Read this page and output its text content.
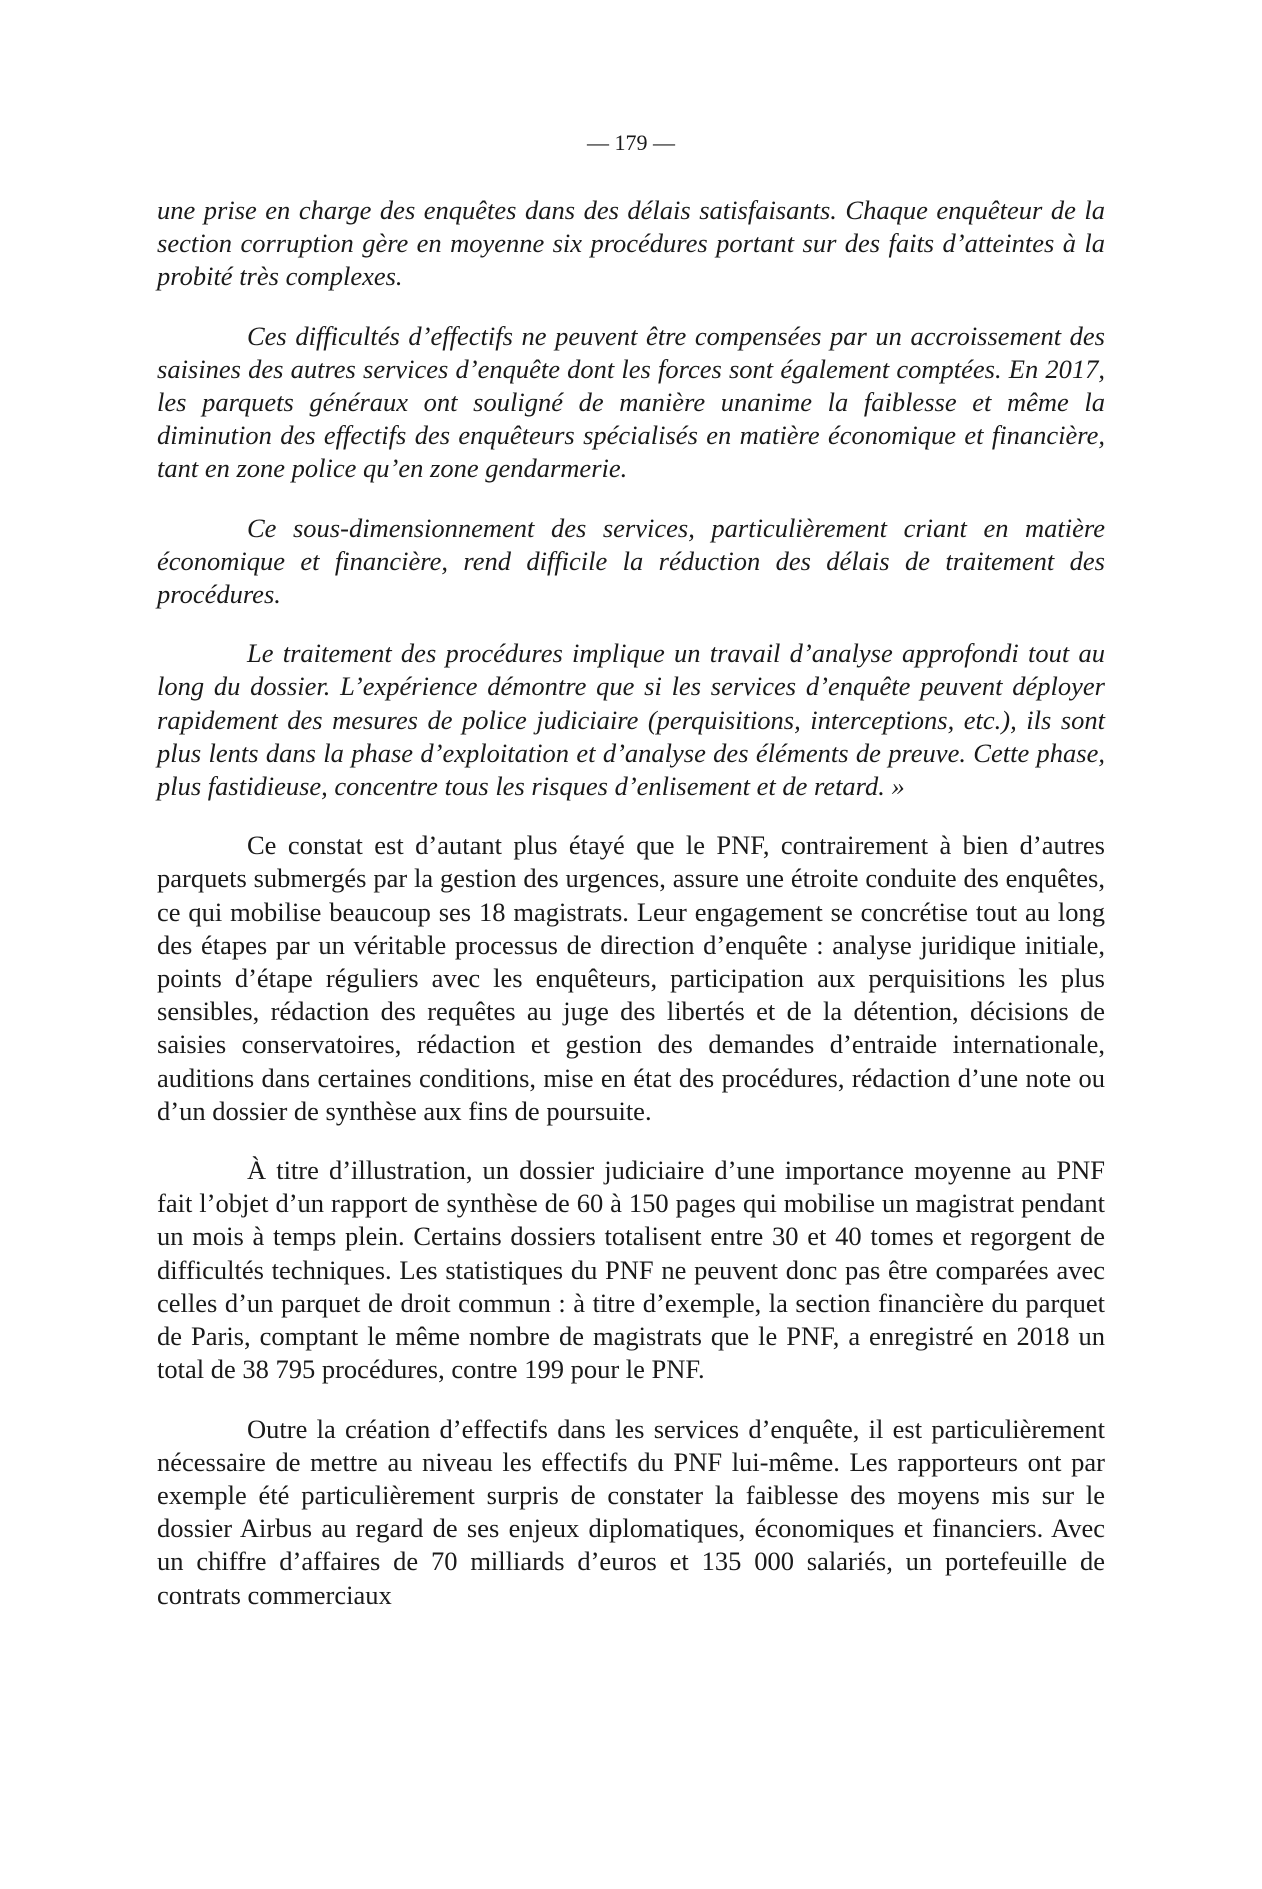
— 179 —

une prise en charge des enquêtes dans des délais satisfaisants. Chaque enquêteur de la section corruption gère en moyenne six procédures portant sur des faits d’atteintes à la probité très complexes.

Ces difficultés d’effectifs ne peuvent être compensées par un accroissement des saisines des autres services d’enquête dont les forces sont également comptées. En 2017, les parquets généraux ont souligné de manière unanime la faiblesse et même la diminution des effectifs des enquêteurs spécialisés en matière économique et financière, tant en zone police qu’en zone gendarmerie.

Ce sous-dimensionnement des services, particulièrement criant en matière économique et financière, rend difficile la réduction des délais de traitement des procédures.

Le traitement des procédures implique un travail d’analyse approfondi tout au long du dossier. L’expérience démontre que si les services d’enquête peuvent déployer rapidement des mesures de police judiciaire (perquisitions, interceptions, etc.), ils sont plus lents dans la phase d’exploitation et d’analyse des éléments de preuve. Cette phase, plus fastidieuse, concentre tous les risques d’enlisement et de retard. »

Ce constat est d’autant plus étayé que le PNF, contrairement à bien d’autres parquets submergés par la gestion des urgences, assure une étroite conduite des enquêtes, ce qui mobilise beaucoup ses 18 magistrats. Leur engagement se concrétise tout au long des étapes par un véritable processus de direction d’enquête : analyse juridique initiale, points d’étape réguliers avec les enquêteurs, participation aux perquisitions les plus sensibles, rédaction des requêtes au juge des libertés et de la détention, décisions de saisies conservatoires, rédaction et gestion des demandes d’entraide internationale, auditions dans certaines conditions, mise en état des procédures, rédaction d’une note ou d’un dossier de synthèse aux fins de poursuite.

À titre d’illustration, un dossier judiciaire d’une importance moyenne au PNF fait l’objet d’un rapport de synthèse de 60 à 150 pages qui mobilise un magistrat pendant un mois à temps plein. Certains dossiers totalisent entre 30 et 40 tomes et regorgent de difficultés techniques. Les statistiques du PNF ne peuvent donc pas être comparées avec celles d’un parquet de droit commun : à titre d’exemple, la section financière du parquet de Paris, comptant le même nombre de magistrats que le PNF, a enregistré en 2018 un total de 38 795 procédures, contre 199 pour le PNF.

Outre la création d’effectifs dans les services d’enquête, il est particulièrement nécessaire de mettre au niveau les effectifs du PNF lui-même. Les rapporteurs ont par exemple été particulièrement surpris de constater la faiblesse des moyens mis sur le dossier Airbus au regard de ses enjeux diplomatiques, économiques et financiers. Avec un chiffre d’affaires de 70 milliards d’euros et 135 000 salariés, un portefeuille de contrats commerciaux
